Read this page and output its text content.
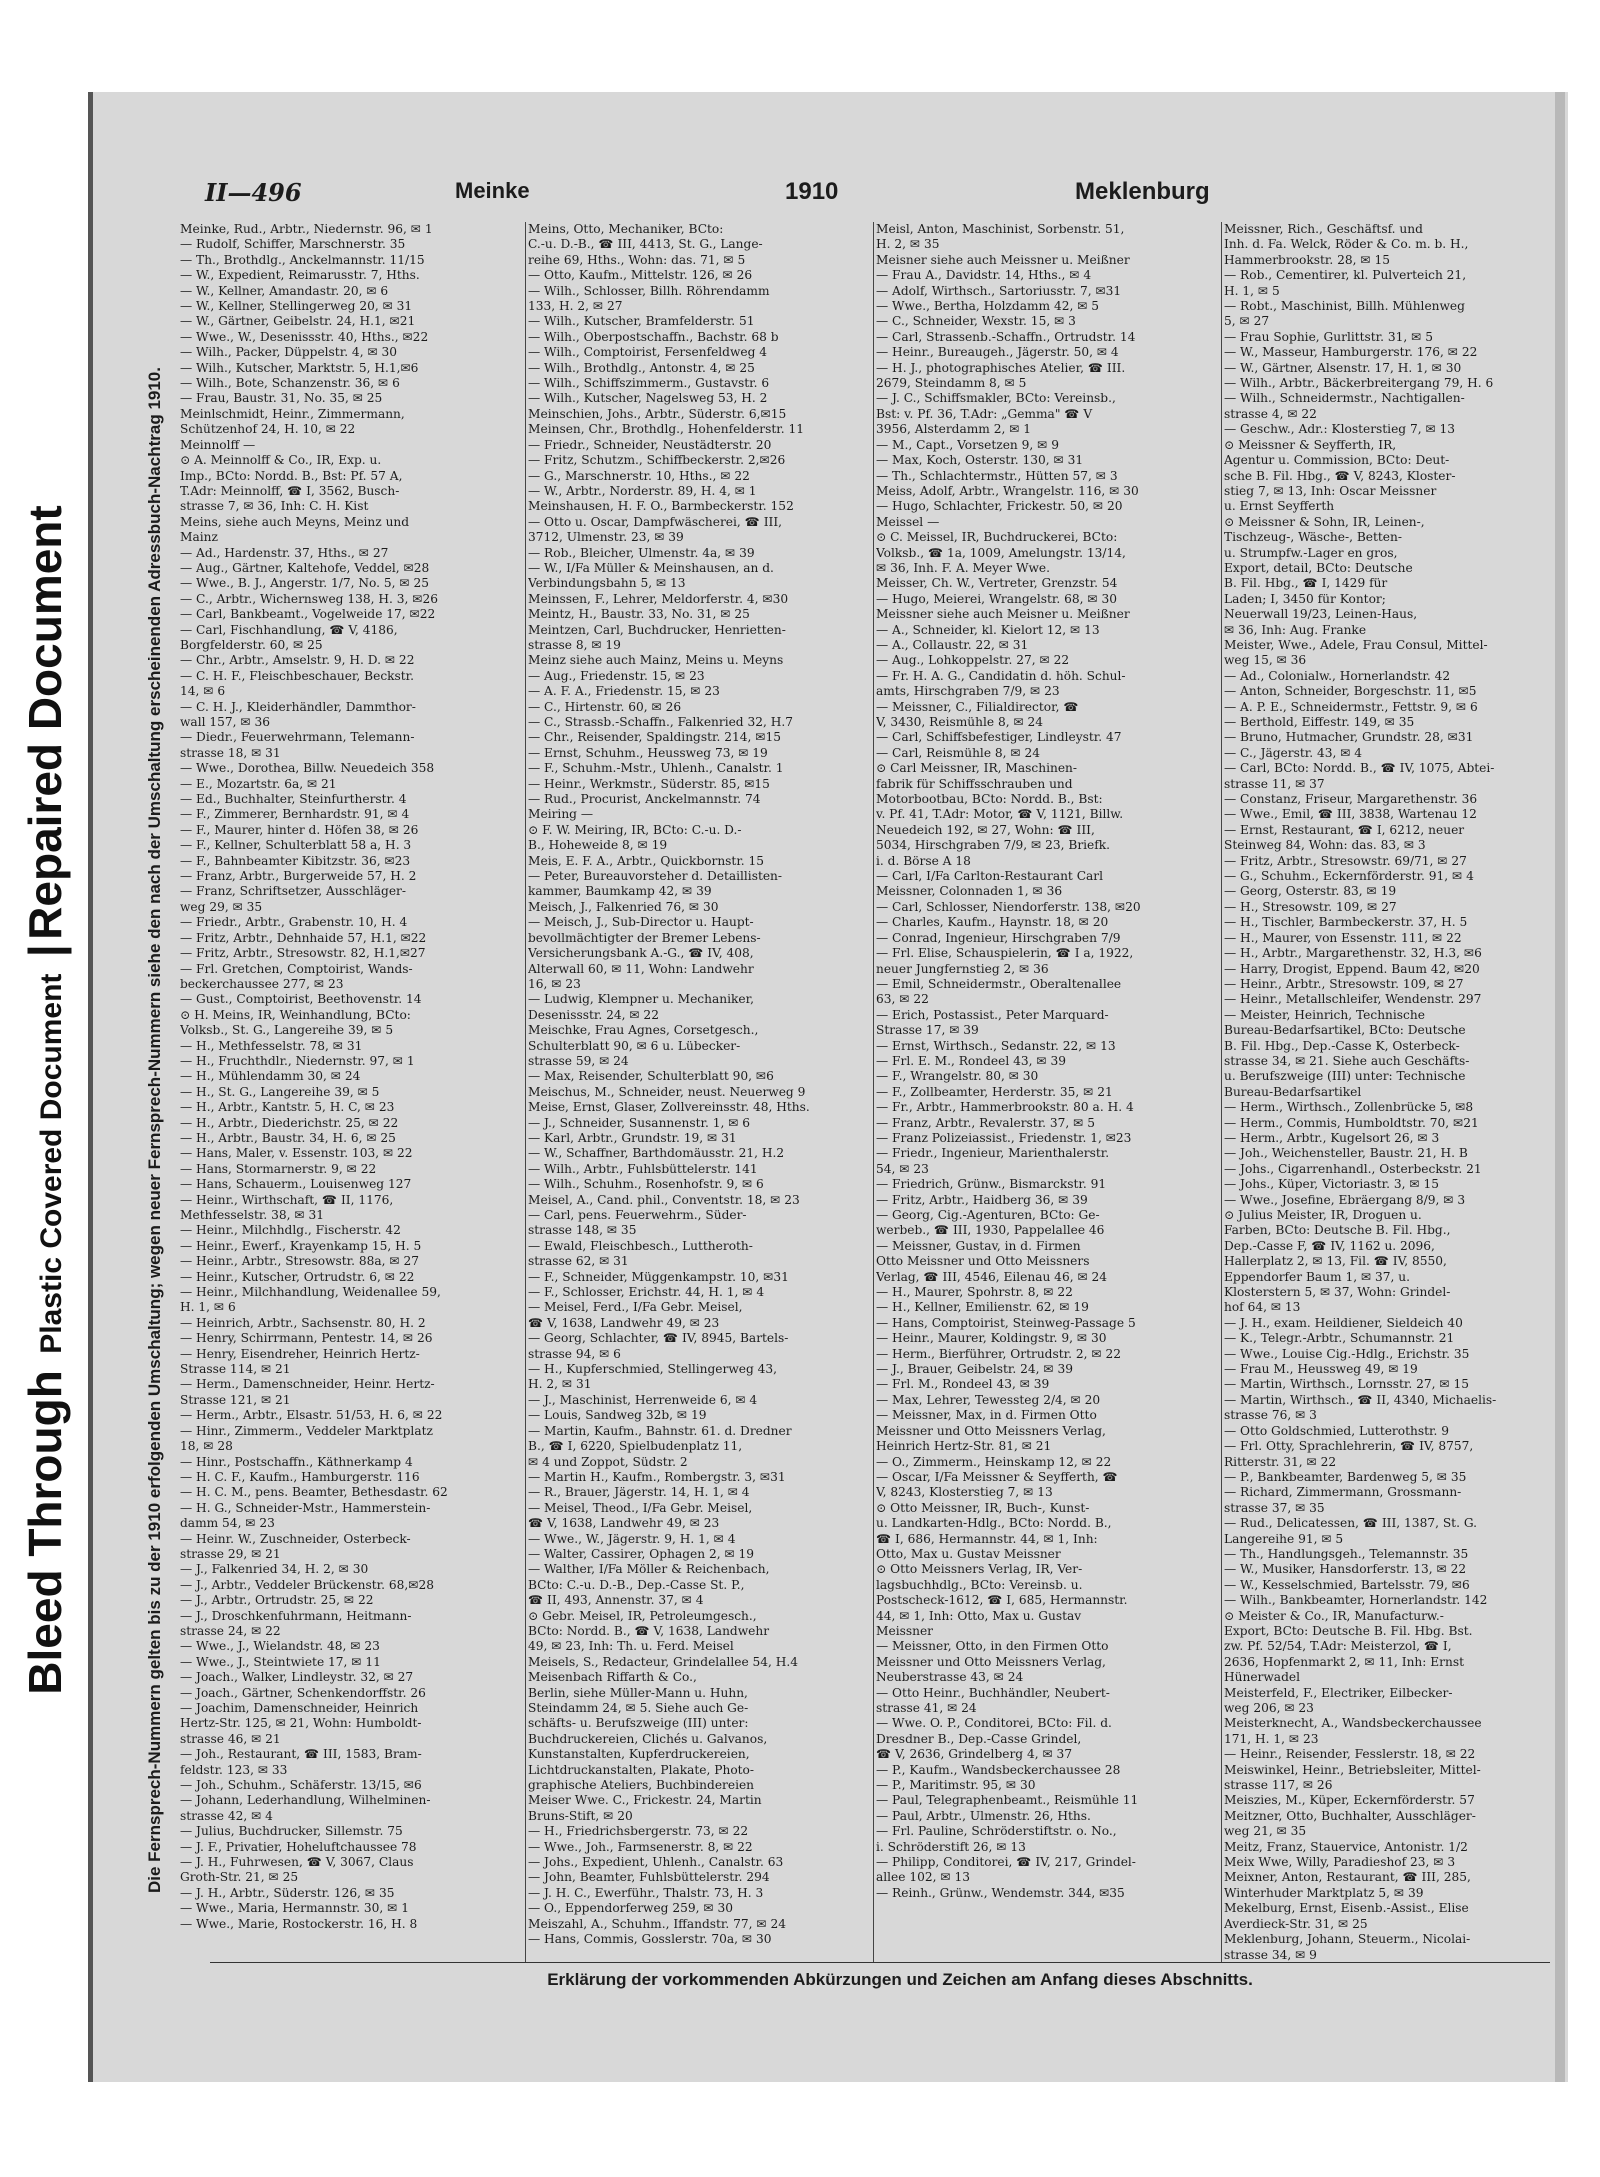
Bleed Through Plastic Covered Document | Repaired Document	Die Fernsprech-Nummern gelten bis zu der 1910 erfolgenden Umschaltung; wegen neuer Fernsprech-Nummern siehe den nach der Umschaltung erscheinenden Adressbuch-Nachtrag 1910.
II—496	Meinke	1910	Meklenburg

Meinke, Rud., Arbtr., Niedernstr. 96, ✉ 1

— Rudolf, Schiffer, Marschnerstr. 35

— Th., Brothdlg., Anckelmannstr. 11/15

— W., Expedient, Reimarusstr. 7, Hths.

— W., Kellner, Amandastr. 20, ✉ 6

— W., Kellner, Stellingerweg 20, ✉ 31

— W., Gärtner, Geibelstr. 24, H.1, ✉21

— Wwe., W., Desenissstr. 40, Hths., ✉22

— Wilh., Packer, Düppelstr. 4, ✉ 30

— Wilh., Kutscher, Marktstr. 5, H.1,✉6

— Wilh., Bote, Schanzenstr. 36, ✉ 6

— Frau, Baustr. 31, No. 35, ✉ 25

Meinlschmidt, Heinr., Zimmermann,

Schützenhof 24, H. 10, ✉ 22

Meinnolff —

⊙ A. Meinnolff & Co., IR, Exp. u.

Imp., BCto: Nordd. B., Bst: Pf. 57 A,

T.Adr: Meinnolff, ☎ I, 3562, Busch-

strasse 7, ✉ 36, Inh: C. H. Kist

Meins, siehe auch Meyns, Meinz und

Mainz

— Ad., Hardenstr. 37, Hths., ✉ 27

— Aug., Gärtner, Kaltehofe, Veddel, ✉28

— Wwe., B. J., Angerstr. 1/7, No. 5, ✉ 25

— C., Arbtr., Wichernsweg 138, H. 3, ✉26

— Carl, Bankbeamt., Vogelweide 17, ✉22

— Carl, Fischhandlung, ☎ V, 4186,

Borgfelderstr. 60, ✉ 25

— Chr., Arbtr., Amselstr. 9, H. D. ✉ 22

— C. H. F., Fleischbeschauer, Beckstr.

14, ✉ 6

— C. H. J., Kleiderhändler, Dammthor-

wall 157, ✉ 36

— Diedr., Feuerwehrmann, Telemann-

strasse 18, ✉ 31

— Wwe., Dorothea, Billw. Neuedeich 358

— E., Mozartstr. 6a, ✉ 21

— Ed., Buchhalter, Steinfurtherstr. 4

— F., Zimmerer, Bernhardstr. 91, ✉ 4

— F., Maurer, hinter d. Höfen 38, ✉ 26

— F., Kellner, Schulterblatt 58 a, H. 3

— F., Bahnbeamter Kibitzstr. 36, ✉23

— Franz, Arbtr., Burgerweide 57, H. 2

— Franz, Schriftsetzer, Ausschläger-

weg 29, ✉ 35

— Friedr., Arbtr., Grabenstr. 10, H. 4

— Fritz, Arbtr., Dehnhaide 57, H.1, ✉22

— Fritz, Arbtr., Stresowstr. 82, H.1,✉27

— Frl. Gretchen, Comptoirist, Wands-

beckerchaussee 277, ✉ 23

— Gust., Comptoirist, Beethovenstr. 14

⊙ H. Meins, IR, Weinhandlung, BCto:

Volksb., St. G., Langereihe 39, ✉ 5

— H., Methfesselstr. 78, ✉ 31

— H., Fruchthdlr., Niedernstr. 97, ✉ 1

— H., Mühlendamm 30, ✉ 24

— H., St. G., Langereihe 39, ✉ 5

— H., Arbtr., Kantstr. 5, H. C, ✉ 23

— H., Arbtr., Diederichstr. 25, ✉ 22

— H., Arbtr., Baustr. 34, H. 6, ✉ 25

— Hans, Maler, v. Essenstr. 103, ✉ 22

— Hans, Stormarnerstr. 9, ✉ 22

— Hans, Schauerm., Louisenweg 127

— Heinr., Wirthschaft, ☎ II, 1176,

Methfesselstr. 38, ✉ 31

— Heinr., Milchhdlg., Fischerstr. 42

— Heinr., Ewerf., Krayenkamp 15, H. 5

— Heinr., Arbtr., Stresowstr. 88a, ✉ 27

— Heinr., Kutscher, Ortrudstr. 6, ✉ 22

— Heinr., Milchhandlung, Weidenallee 59,

H. 1, ✉ 6

— Heinrich, Arbtr., Sachsenstr. 80, H. 2

— Henry, Schirrmann, Pentestr. 14, ✉ 26

— Henry, Eisendreher, Heinrich Hertz-

Strasse 114, ✉ 21

— Herm., Damenschneider, Heinr. Hertz-

Strasse 121, ✉ 21

— Herm., Arbtr., Elsastr. 51/53, H. 6, ✉ 22

— Hinr., Zimmerm., Veddeler Marktplatz

18, ✉ 28

— Hinr., Postschaffn., Käthnerkamp 4

— H. C. F., Kaufm., Hamburgerstr. 116

— H. C. M., pens. Beamter, Bethesdastr. 62

— H. G., Schneider-Mstr., Hammerstein-

damm 54, ✉ 23

— Heinr. W., Zuschneider, Osterbeck-

strasse 29, ✉ 21

— J., Falkenried 34, H. 2, ✉ 30

— J., Arbtr., Veddeler Brückenstr. 68,✉28

— J., Arbtr., Ortrudstr. 25, ✉ 22

— J., Droschkenfuhrmann, Heitmann-

strasse 24, ✉ 22

— Wwe., J., Wielandstr. 48, ✉ 23

— Wwe., J., Steintwiete 17, ✉ 11

— Joach., Walker, Lindleystr. 32, ✉ 27

— Joach., Gärtner, Schenkendorffstr. 26

— Joachim, Damenschneider, Heinrich

Hertz-Str. 125, ✉ 21, Wohn: Humboldt-

strasse 46, ✉ 21

— Joh., Restaurant, ☎ III, 1583, Bram-

feldstr. 123, ✉ 33

— Joh., Schuhm., Schäferstr. 13/15, ✉6

— Johann, Lederhandlung, Wilhelminen-

strasse 42, ✉ 4

— Julius, Buchdrucker, Sillemstr. 75

— J. F., Privatier, Hoheluftchaussee 78

— J. H., Fuhrwesen, ☎ V, 3067, Claus

Groth-Str. 21, ✉ 25

— J. H., Arbtr., Süderstr. 126, ✉ 35

— Wwe., Maria, Hermannstr. 30, ✉ 1

— Wwe., Marie, Rostockerstr. 16, H. 8

Meins, Otto, Mechaniker, BCto:

C.-u. D.-B., ☎ III, 4413, St. G., Lange-

reihe 69, Hths., Wohn: das. 71, ✉ 5

— Otto, Kaufm., Mittelstr. 126, ✉ 26

— Wilh., Schlosser, Billh. Röhrendamm

133, H. 2, ✉ 27

— Wilh., Kutscher, Bramfelderstr. 51

— Wilh., Oberpostschaffn., Bachstr. 68 b

— Wilh., Comptoirist, Fersenfeldweg 4

— Wilh., Brothdlg., Antonstr. 4, ✉ 25

— Wilh., Schiffszimmerm., Gustavstr. 6

— Wilh., Kutscher, Nagelsweg 53, H. 2

Meinschien, Johs., Arbtr., Süderstr. 6,✉15

Meinsen, Chr., Brothdlg., Hohenfelderstr. 11

— Friedr., Schneider, Neustädterstr. 20

— Fritz, Schutzm., Schiffbeckerstr. 2,✉26

— G., Marschnerstr. 10, Hths., ✉ 22

— W., Arbtr., Norderstr. 89, H. 4, ✉ 1

Meinshausen, H. F. O., Barmbeckerstr. 152

— Otto u. Oscar, Dampfwäscherei, ☎ III,

3712, Ulmenstr. 23, ✉ 39

— Rob., Bleicher, Ulmenstr. 4a, ✉ 39

— W., I/Fa Müller & Meinshausen, an d.

Verbindungsbahn 5, ✉ 13

Meinssen, F., Lehrer, Meldorferstr. 4, ✉30

Meintz, H., Baustr. 33, No. 31, ✉ 25

Meintzen, Carl, Buchdrucker, Henrietten-

strasse 8, ✉ 19

Meinz siehe auch Mainz, Meins u. Meyns

— Aug., Friedenstr. 15, ✉ 23

— A. F. A., Friedenstr. 15, ✉ 23

— C., Hirtenstr. 60, ✉ 26

— C., Strassb.-Schaffn., Falkenried 32, H.7

— Chr., Reisender, Spaldingstr. 214, ✉15

— Ernst, Schuhm., Heussweg 73, ✉ 19

— F., Schuhm.-Mstr., Uhlenh., Canalstr. 1

— Heinr., Werkmstr., Süderstr. 85, ✉15

— Rud., Procurist, Anckelmannstr. 74

Meiring —

⊙ F. W. Meiring, IR, BCto: C.-u. D.-

B., Hoheweide 8, ✉ 19

Meis, E. F. A., Arbtr., Quickbornstr. 15

— Peter, Bureauvorsteher d. Detaillisten-

kammer, Baumkamp 42, ✉ 39

Meisch, J., Falkenried 76, ✉ 30

— Meisch, J., Sub-Director u. Haupt-

bevollmächtigter der Bremer Lebens-

Versicherungsbank A.-G., ☎ IV, 408,

Alterwall 60, ✉ 11, Wohn: Landwehr

16, ✉ 23

— Ludwig, Klempner u. Mechaniker,

Desenissstr. 24, ✉ 22

Meischke, Frau Agnes, Corsetgesch.,

Schulterblatt 90, ✉ 6 u. Lübecker-

strasse 59, ✉ 24

— Max, Reisender, Schulterblatt 90, ✉6

Meischus, M., Schneider, neust. Neuerweg 9

Meise, Ernst, Glaser, Zollvereinsstr. 48, Hths.

— J., Schneider, Susannenstr. 1, ✉ 6

— Karl, Arbtr., Grundstr. 19, ✉ 31

— W., Schaffner, Barthdomäusstr. 21, H.2

— Wilh., Arbtr., Fuhlsbüttelerstr. 141

— Wilh., Schuhm., Rosenhofstr. 9, ✉ 6

Meisel, A., Cand. phil., Conventstr. 18, ✉ 23

— Carl, pens. Feuerwehrm., Süder-

strasse 148, ✉ 35

— Ewald, Fleischbesch., Luttheroth-

strasse 62, ✉ 31

— F., Schneider, Müggenkampstr. 10, ✉31

— F., Schlosser, Erichstr. 44, H. 1, ✉ 4

— Meisel, Ferd., I/Fa Gebr. Meisel,

☎ V, 1638, Landwehr 49, ✉ 23

— Georg, Schlachter, ☎ IV, 8945, Bartels-

strasse 94, ✉ 6

— H., Kupferschmied, Stellingerweg 43,

H. 2, ✉ 31

— J., Maschinist, Herrenweide 6, ✉ 4

— Louis, Sandweg 32b, ✉ 19

— Martin, Kaufm., Bahnstr. 61. d. Dredner

B., ☎ I, 6220, Spielbudenplatz 11,

✉ 4 und Zoppot, Südstr. 2

— Martin H., Kaufm., Rombergstr. 3, ✉31

— R., Brauer, Jägerstr. 14, H. 1, ✉ 4

— Meisel, Theod., I/Fa Gebr. Meisel,

☎ V, 1638, Landwehr 49, ✉ 23

— Wwe., W., Jägerstr. 9, H. 1, ✉ 4

— Walter, Cassirer, Ophagen 2, ✉ 19

— Walther, I/Fa Möller & Reichenbach,

BCto: C.-u. D.-B., Dep.-Casse St. P.,

☎ II, 493, Annenstr. 37, ✉ 4

⊙ Gebr. Meisel, IR, Petroleumgesch.,

BCto: Nordd. B., ☎ V, 1638, Landwehr

49, ✉ 23, Inh: Th. u. Ferd. Meisel

Meisels, S., Redacteur, Grindelallee 54, H.4

Meisenbach Riffarth & Co.,

Berlin, siehe Müller-Mann u. Huhn,

Steindamm 24, ✉ 5. Siehe auch Ge-

schäfts- u. Berufszweige (III) unter:

Buchdruckereien, Clichés u. Galvanos,

Kunstanstalten, Kupferdruckereien,

Lichtdruckanstalten, Plakate, Photo-

graphische Ateliers, Buchbindereien

Meiser Wwe. C., Frickestr. 24, Martin

Bruns-Stift, ✉ 20

— H., Friedrichsbergerstr. 73, ✉ 22

— Wwe., Joh., Farmsenerstr. 8, ✉ 22

— Johs., Expedient, Uhlenh., Canalstr. 63

— John, Beamter, Fuhlsbüttelerstr. 294

— J. H. C., Ewerführ., Thalstr. 73, H. 3

— O., Eppendorferweg 259, ✉ 30

Meiszahl, A., Schuhm., Iffandstr. 77, ✉ 24

— Hans, Commis, Gosslerstr. 70a, ✉ 30

Meisl, Anton, Maschinist, Sorbenstr. 51,

H. 2, ✉ 35

Meisner siehe auch Meissner u. Meißner

— Frau A., Davidstr. 14, Hths., ✉ 4

— Adolf, Wirthsch., Sartoriusstr. 7, ✉31

— Wwe., Bertha, Holzdamm 42, ✉ 5

— C., Schneider, Wexstr. 15, ✉ 3

— Carl, Strassenb.-Schaffn., Ortrudstr. 14

— Heinr., Bureaugeh., Jägerstr. 50, ✉ 4

— H. J., photographisches Atelier, ☎ III.

2679, Steindamm 8, ✉ 5

— J. C., Schiffsmakler, BCto: Vereinsb.,

Bst: v. Pf. 36, T.Adr: „Gemma" ☎ V

3956, Alsterdamm 2, ✉ 1

— M., Capt., Vorsetzen 9, ✉ 9

— Max, Koch, Osterstr. 130, ✉ 31

— Th., Schlachtermstr., Hütten 57, ✉ 3

Meiss, Adolf, Arbtr., Wrangelstr. 116, ✉ 30

— Hugo, Schlachter, Frickestr. 50, ✉ 20

Meissel —

⊙ C. Meissel, IR, Buchdruckerei, BCto:

Volksb., ☎ 1a, 1009, Amelungstr. 13/14,

✉ 36, Inh. F. A. Meyer Wwe.

Meisser, Ch. W., Vertreter, Grenzstr. 54

— Hugo, Meierei, Wrangelstr. 68, ✉ 30

Meissner siehe auch Meisner u. Meißner

— A., Schneider, kl. Kielort 12, ✉ 13

— A., Collaustr. 22, ✉ 31

— Aug., Lohkoppelstr. 27, ✉ 22

— Fr. H. A. G., Candidatin d. höh. Schul-

amts, Hirschgraben 7/9, ✉ 23

— Meissner, C., Filialdirector, ☎

V, 3430, Reismühle 8, ✉ 24

— Carl, Schiffsbefestiger, Lindleystr. 47

— Carl, Reismühle 8, ✉ 24

⊙ Carl Meissner, IR, Maschinen-

fabrik für Schiffsschrauben und

Motorbootbau, BCto: Nordd. B., Bst:

v. Pf. 41, T.Adr: Motor, ☎ V, 1121, Billw.

Neuedeich 192, ✉ 27, Wohn: ☎ III,

5034, Hirschgraben 7/9, ✉ 23, Briefk.

i. d. Börse A 18

— Carl, I/Fa Carlton-Restaurant Carl

Meissner, Colonnaden 1, ✉ 36

— Carl, Schlosser, Niendorferstr. 138, ✉20

— Charles, Kaufm., Haynstr. 18, ✉ 20

— Conrad, Ingenieur, Hirschgraben 7/9

— Frl. Elise, Schauspielerin, ☎ I a, 1922,

neuer Jungfernstieg 2, ✉ 36

— Emil, Schneidermstr., Oberaltenallee

63, ✉ 22

— Erich, Postassist., Peter Marquard-

Strasse 17, ✉ 39

— Ernst, Wirthsch., Sedanstr. 22, ✉ 13

— Frl. E. M., Rondeel 43, ✉ 39

— F., Wrangelstr. 80, ✉ 30

— F., Zollbeamter, Herderstr. 35, ✉ 21

— Fr., Arbtr., Hammerbrookstr. 80 a. H. 4

— Franz, Arbtr., Revalerstr. 37, ✉ 5

— Franz Polizeiassist., Friedenstr. 1, ✉23

— Friedr., Ingenieur, Marienthalerstr.

54, ✉ 23

— Friedrich, Grünw., Bismarckstr. 91

— Fritz, Arbtr., Haidberg 36, ✉ 39

— Georg, Cig.-Agenturen, BCto: Ge-

werbeb., ☎ III, 1930, Pappelallee 46

— Meissner, Gustav, in d. Firmen

Otto Meissner und Otto Meissners

Verlag, ☎ III, 4546, Eilenau 46, ✉ 24

— H., Maurer, Spohrstr. 8, ✉ 22

— H., Kellner, Emilienstr. 62, ✉ 19

— Hans, Comptoirist, Steinweg-Passage 5

— Heinr., Maurer, Koldingstr. 9, ✉ 30

— Herm., Bierführer, Ortrudstr. 2, ✉ 22

— J., Brauer, Geibelstr. 24, ✉ 39

— Frl. M., Rondeel 43, ✉ 39

— Max, Lehrer, Tewessteg 2/4, ✉ 20

— Meissner, Max, in d. Firmen Otto

Meissner und Otto Meissners Verlag,

Heinrich Hertz-Str. 81, ✉ 21

— O., Zimmerm., Heinskamp 12, ✉ 22

— Oscar, I/Fa Meissner & Seyfferth, ☎

V, 8243, Klosterstieg 7, ✉ 13

⊙ Otto Meissner, IR, Buch-, Kunst-

u. Landkarten-Hdlg., BCto: Nordd. B.,

☎ I, 686, Hermannstr. 44, ✉ 1, Inh:

Otto, Max u. Gustav Meissner

⊙ Otto Meissners Verlag, IR, Ver-

lagsbuchhdlg., BCto: Vereinsb. u.

Postscheck-1612, ☎ I, 685, Hermannstr.

44, ✉ 1, Inh: Otto, Max u. Gustav

Meissner

— Meissner, Otto, in den Firmen Otto

Meissner und Otto Meissners Verlag,

Neuberstrasse 43, ✉ 24

— Otto Heinr., Buchhändler, Neubert-

strasse 41, ✉ 24

— Wwe. O. P., Conditorei, BCto: Fil. d.

Dresdner B., Dep.-Casse Grindel,

☎ V, 2636, Grindelberg 4, ✉ 37

— P., Kaufm., Wandsbeckerchaussee 28

— P., Maritimstr. 95, ✉ 30

— Paul, Telegraphenbeamt., Reismühle 11

— Paul, Arbtr., Ulmenstr. 26, Hths.

— Frl. Pauline, Schröderstiftstr. o. No.,

i. Schröderstift 26, ✉ 13

— Philipp, Conditorei, ☎ IV, 217, Grindel-

allee 102, ✉ 13

— Reinh., Grünw., Wendemstr. 344, ✉35

Meissner, Rich., Geschäftsf. und

Inh. d. Fa. Welck, Röder & Co. m. b. H.,

Hammerbrookstr. 28, ✉ 15

— Rob., Cementirer, kl. Pulverteich 21,

H. 1, ✉ 5

— Robt., Maschinist, Billh. Mühlenweg

5, ✉ 27

— Frau Sophie, Gurlittstr. 31, ✉ 5

— W., Masseur, Hamburgerstr. 176, ✉ 22

— W., Gärtner, Alsenstr. 17, H. 1, ✉ 30

— Wilh., Arbtr., Bäckerbreitergang 79, H. 6

— Wilh., Schneidermstr., Nachtigallen-

strasse 4, ✉ 22

— Geschw., Adr.: Klosterstieg 7, ✉ 13

⊙ Meissner & Seyfferth, IR,

Agentur u. Commission, BCto: Deut-

sche B. Fil. Hbg., ☎ V, 8243, Kloster-

stieg 7, ✉ 13, Inh: Oscar Meissner

u. Ernst Seyfferth

⊙ Meissner & Sohn, IR, Leinen-,

Tischzeug-, Wäsche-, Betten-

u. Strumpfw.-Lager en gros,

Export, detail, BCto: Deutsche

B. Fil. Hbg., ☎ I, 1429 für

Laden; I, 3450 für Kontor;

Neuerwall 19/23, Leinen-Haus,

✉ 36, Inh: Aug. Franke

Meister, Wwe., Adele, Frau Consul, Mittel-

weg 15, ✉ 36

— Ad., Colonialw., Hornerlandstr. 42

— Anton, Schneider, Borgeschstr. 11, ✉5

— A. P. E., Schneidermstr., Fettstr. 9, ✉ 6

— Berthold, Eiffestr. 149, ✉ 35

— Bruno, Hutmacher, Grundstr. 28, ✉31

— C., Jägerstr. 43, ✉ 4

— Carl, BCto: Nordd. B., ☎ IV, 1075, Abtei-

strasse 11, ✉ 37

— Constanz, Friseur, Margarethenstr. 36

— Wwe., Emil, ☎ III, 3838, Wartenau 12

— Ernst, Restaurant, ☎ I, 6212, neuer

Steinweg 84, Wohn: das. 83, ✉ 3

— Fritz, Arbtr., Stresowstr. 69/71, ✉ 27

— G., Schuhm., Eckernförderstr. 91, ✉ 4

— Georg, Osterstr. 83, ✉ 19

— H., Stresowstr. 109, ✉ 27

— H., Tischler, Barmbeckerstr. 37, H. 5

— H., Maurer, von Essenstr. 111, ✉ 22

— H., Arbtr., Margarethenstr. 32, H.3, ✉6

— Harry, Drogist, Eppend. Baum 42, ✉20

— Heinr., Arbtr., Stresowstr. 109, ✉ 27

— Heinr., Metallschleifer, Wendenstr. 297

— Meister, Heinrich, Technische

Bureau-Bedarfsartikel, BCto: Deutsche

B. Fil. Hbg., Dep.-Casse K, Osterbeck-

strasse 34, ✉ 21. Siehe auch Geschäfts-

u. Berufszweige (III) unter: Technische

Bureau-Bedarfsartikel

— Herm., Wirthsch., Zollenbrücke 5, ✉8

— Herm., Commis, Humboldtstr. 70, ✉21

— Herm., Arbtr., Kugelsort 26, ✉ 3

— Joh., Weichensteller, Baustr. 21, H. B

— Johs., Cigarrenhandl., Osterbeckstr. 21

— Johs., Küper, Victoriastr. 3, ✉ 15

— Wwe., Josefine, Ebräergang 8/9, ✉ 3

⊙ Julius Meister, IR, Droguen u.

Farben, BCto: Deutsche B. Fil. Hbg.,

Dep.-Casse F, ☎ IV, 1162 u. 2096,

Hallerplatz 2, ✉ 13, Fil. ☎ IV, 8550,

Eppendorfer Baum 1, ✉ 37, u.

Klosterstern 5, ✉ 37, Wohn: Grindel-

hof 64, ✉ 13

— J. H., exam. Heildiener, Sieldeich 40

— K., Telegr.-Arbtr., Schumannstr. 21

— Wwe., Louise Cig.-Hdlg., Erichstr. 35

— Frau M., Heussweg 49, ✉ 19

— Martin, Wirthsch., Lornsstr. 27, ✉ 15

— Martin, Wirthsch., ☎ II, 4340, Michaelis-

strasse 76, ✉ 3

— Otto Goldschmied, Lutterothstr. 9

— Frl. Otty, Sprachlehrerin, ☎ IV, 8757,

Ritterstr. 31, ✉ 22

— P., Bankbeamter, Bardenweg 5, ✉ 35

— Richard, Zimmermann, Grossmann-

strasse 37, ✉ 35

— Rud., Delicatessen, ☎ III, 1387, St. G.

Langereihe 91, ✉ 5

— Th., Handlungsgeh., Telemannstr. 35

— W., Musiker, Hansdorferstr. 13, ✉ 22

— W., Kesselschmied, Bartelsstr. 79, ✉6

— Wilh., Bankbeamter, Hornerlandstr. 142

⊙ Meister & Co., IR, Manufacturw.-

Export, BCto: Deutsche B. Fil. Hbg. Bst.

zw. Pf. 52/54, T.Adr: Meisterzol, ☎ I,

2636, Hopfenmarkt 2, ✉ 11, Inh: Ernst

Hünerwadel

Meisterfeld, F., Electriker, Eilbecker-

weg 206, ✉ 23

Meisterknecht, A., Wandsbeckerchaussee

171, H. 1, ✉ 23

— Heinr., Reisender, Fesslerstr. 18, ✉ 22

Meiswinkel, Heinr., Betriebsleiter, Mittel-

strasse 117, ✉ 26

Meiszies, M., Küper, Eckernförderstr. 57

Meitzner, Otto, Buchhalter, Ausschläger-

weg 21, ✉ 35

Meitz, Franz, Stauervice, Antonistr. 1/2

Meix Wwe, Willy, Paradieshof 23, ✉ 3

Meixner, Anton, Restaurant, ☎ III, 285,

Winterhuder Marktplatz 5, ✉ 39

Mekelburg, Ernst, Eisenb.-Assist., Elise

Averdieck-Str. 31, ✉ 25

Meklenburg, Johann, Steuerm., Nicolai-

strasse 34, ✉ 9

Erklärung der vorkommenden Abkürzungen und Zeichen am Anfang dieses Abschnitts.
